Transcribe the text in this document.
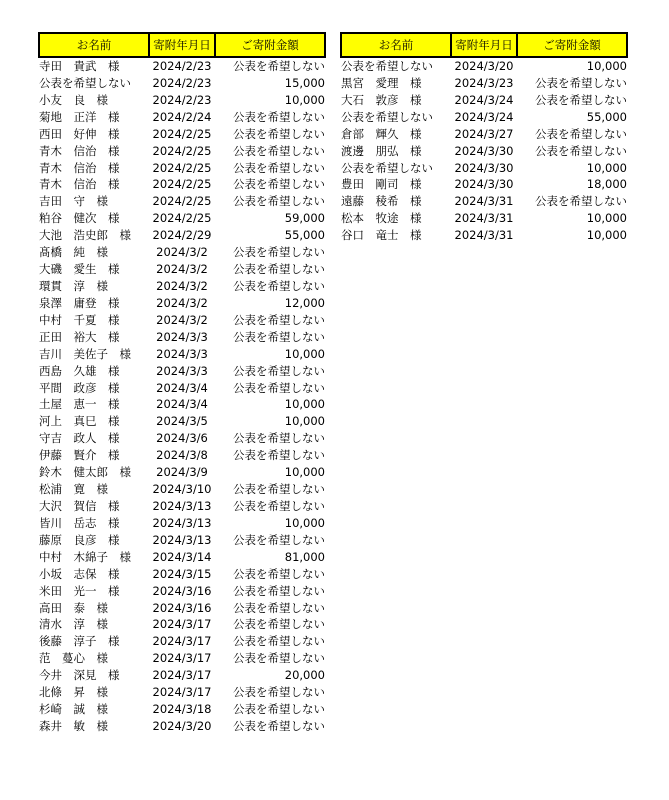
お名前	寄附年月日	ご寄附金額
寺田　貴武　様	2024/2/23	公表を希望しない
公表を希望しない	2024/2/23	15,000
小友　良　様	2024/2/23	10,000
菊地　正洋　様	2024/2/24	公表を希望しない
西田　好伸　様	2024/2/25	公表を希望しない
青木　信治　様	2024/2/25	公表を希望しない
青木　信治　様	2024/2/25	公表を希望しない
青木　信治　様	2024/2/25	公表を希望しない
吉田　守　様	2024/2/25	公表を希望しない
粕谷　健次　様	2024/2/25	59,000
大池　浩史郎　様	2024/2/29	55,000
髙橋　純　様	2024/3/2	公表を希望しない
大磯　愛生　様	2024/3/2	公表を希望しない
環貫　淳　様	2024/3/2	公表を希望しない
泉澤　庸登　様	2024/3/2	12,000
中村　千夏　様	2024/3/2	公表を希望しない
正田　裕大　様	2024/3/3	公表を希望しない
吉川　美佐子　様	2024/3/3	10,000
西島　久雄　様	2024/3/3	公表を希望しない
平間　政彦　様	2024/3/4	公表を希望しない
土屋　恵一　様	2024/3/4	10,000
河上　真巳　様	2024/3/5	10,000
守吉　政人　様	2024/3/6	公表を希望しない
伊藤　賢介　様	2024/3/8	公表を希望しない
鈴木　健太郎　様	2024/3/9	10,000
松浦　寛　様	2024/3/10	公表を希望しない
大沢　賀信　様	2024/3/13	公表を希望しない
皆川　岳志　様	2024/3/13	10,000
藤原　良彦　様	2024/3/13	公表を希望しない
中村　木綿子　様	2024/3/14	81,000
小坂　志保　様	2024/3/15	公表を希望しない
米田　光一　様	2024/3/16	公表を希望しない
高田　泰　様	2024/3/16	公表を希望しない
清水　淳　様	2024/3/17	公表を希望しない
後藤　淳子　様	2024/3/17	公表を希望しない
范　蔓心　様	2024/3/17	公表を希望しない
今井　深見　様	2024/3/17	20,000
北條　昇　様	2024/3/17	公表を希望しない
杉崎　誠　様	2024/3/18	公表を希望しない
森井　敏　様	2024/3/20	公表を希望しない
お名前	寄附年月日	ご寄附金額
公表を希望しない	2024/3/20	10,000
黒宮　愛理　様	2024/3/23	公表を希望しない
大石　敦彦　様	2024/3/24	公表を希望しない
公表を希望しない	2024/3/24	55,000
倉部　輝久　様	2024/3/27	公表を希望しない
渡邊　朋弘　様	2024/3/30	公表を希望しない
公表を希望しない	2024/3/30	10,000
豊田　剛司　様	2024/3/30	18,000
遠藤　稜希　様	2024/3/31	公表を希望しない
松本　牧途　様	2024/3/31	10,000
谷口　竜士　様	2024/3/31	10,000
